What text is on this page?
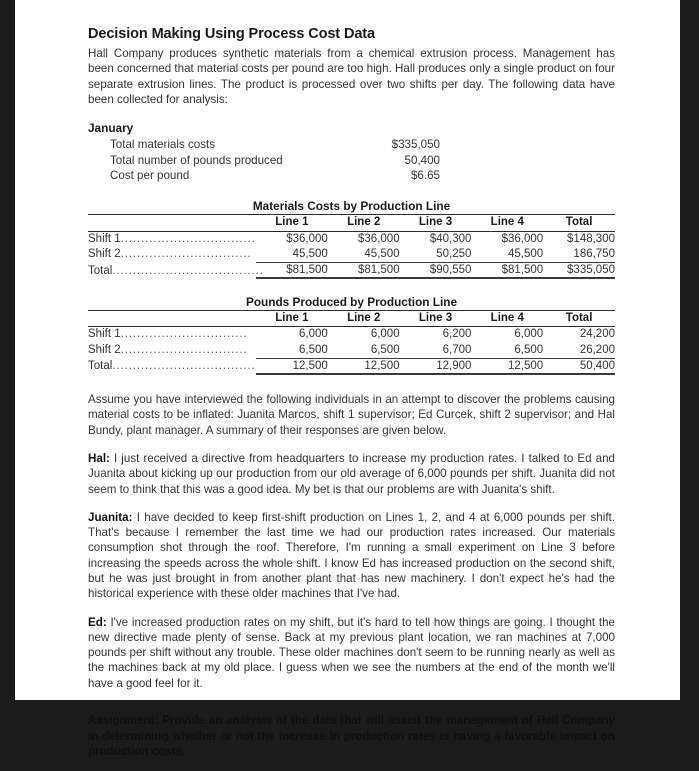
Decision Making Using Process Cost Data

Hall Company produces synthetic materials from a chemical extrusion process. Management has been concerned that material costs per pound are too high. Hall produces only a single product on four separate extrusion lines. The product is processed over two shifts per day. The following data have been collected for analysis:

January
Total materials costs	$335,050
Total number of pounds produced	50,400
Cost per pound	$6.65
Materials Costs by Production Line
	Line 1	Line 2	Line 3	Line 4	Total
Shift 1.................................	$36,000	$36,000	$40,300	$36,000	$148,300
Shift 2................................	45,500	45,500	50,250	45,500	186,750
Total.....................................	$81,500	$81,500	$90,550	$81,500	$335,050
Pounds Produced by Production Line
	Line 1	Line 2	Line 3	Line 4	Total
Shift 1...............................	6,000	6,000	6,200	6,000	24,200
Shift 2...............................	6,500	6,500	6,700	6,500	26,200
Total...................................	12,500	12,500	12,900	12,500	50,400

Assume you have interviewed the following individuals in an attempt to discover the problems causing material costs to be inflated: Juanita Marcos, shift 1 supervisor; Ed Curcek, shift 2 supervisor; and Hal Bundy, plant manager. A summary of their responses are given below.

Hal: I just received a directive from headquarters to increase my production rates. I talked to Ed and Juanita about kicking up our production from our old average of 6,000 pounds per shift. Juanita did not seem to think that this was a good idea. My bet is that our problems are with Juanita's shift.

Juanita: I have decided to keep first-shift production on Lines 1, 2, and 4 at 6,000 pounds per shift. That's because I remember the last time we had our production rates increased. Our materials consumption shot through the roof. Therefore, I'm running a small experiment on Line 3 before increasing the speeds across the whole shift. I know Ed has increased production on the second shift, but he was just brought in from another plant that has new machinery. I don't expect he's had the historical experience with these older machines that I've had.

Ed: I've increased production rates on my shift, but it's hard to tell how things are going. I thought the new directive made plenty of sense. Back at my previous plant location, we ran machines at 7,000 pounds per shift without any trouble. These older machines don't seem to be running nearly as well as the machines back at my old place. I guess when we see the numbers at the end of the month we'll have a good feel for it.

Assignment: Provide an analysis of the data that will assist the management of Hall Company in determining whether or not the increase in production rates is having a favorable impact on production costs.
